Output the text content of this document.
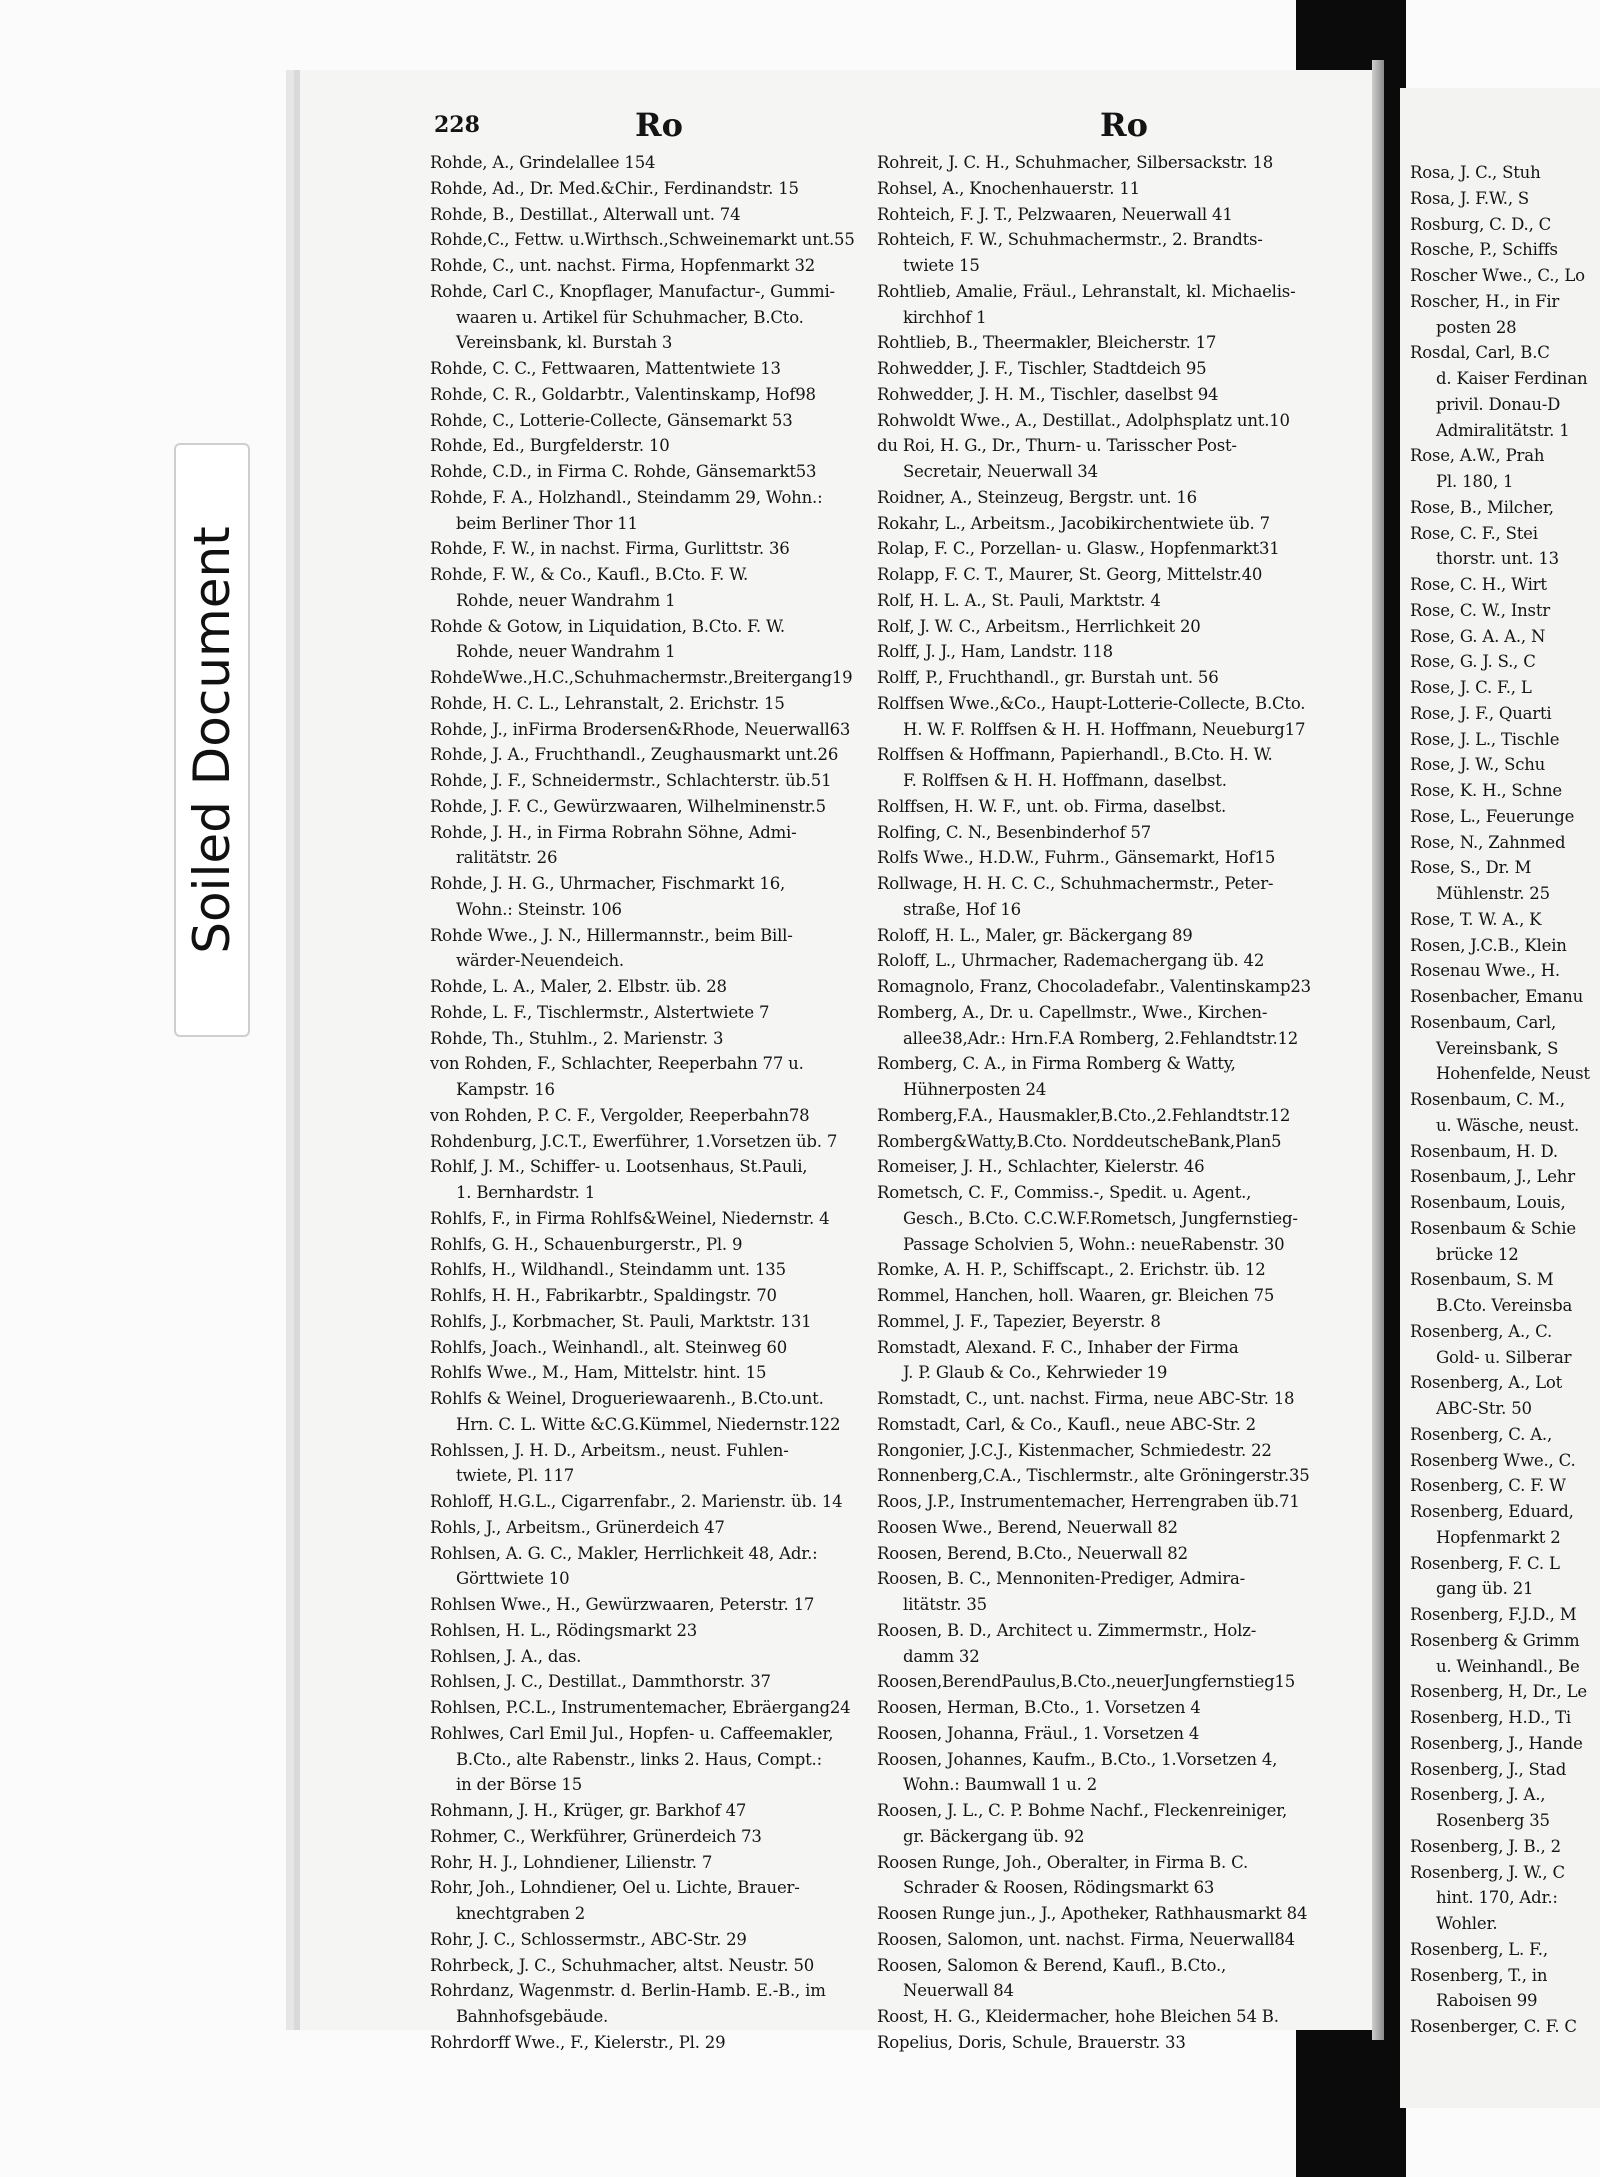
228	Ro	Ro
Rohde, A., Grindelallee 154
Rohde, Ad., Dr. Med.&Chir., Ferdinandstr. 15
Rohde, B., Destillat., Alterwall unt. 74
Rohde,C., Fettw. u.Wirthsch.,Schweinemarkt unt.55
Rohde, C., unt. nachst. Firma, Hopfenmarkt 32
Rohde, Carl C., Knopflager, Manufactur-, Gummi-
waaren u. Artikel für Schuhmacher, B.Cto.
Vereinsbank, kl. Burstah 3
Rohde, C. C., Fettwaaren, Mattentwiete 13
Rohde, C. R., Goldarbtr., Valentinskamp, Hof98
Rohde, C., Lotterie-Collecte, Gänsemarkt 53
Rohde, Ed., Burgfelderstr. 10
Rohde, C.D., in Firma C. Rohde, Gänsemarkt53
Rohde, F. A., Holzhandl., Steindamm 29, Wohn.:
beim Berliner Thor 11
Rohde, F. W., in nachst. Firma, Gurlittstr. 36
Rohde, F. W., & Co., Kaufl., B.Cto. F. W.
Rohde, neuer Wandrahm 1
Rohde & Gotow, in Liquidation, B.Cto. F. W.
Rohde, neuer Wandrahm 1
RohdeWwe.,H.C.,Schuhmachermstr.,Breitergang19
Rohde, H. C. L., Lehranstalt, 2. Erichstr. 15
Rohde, J., inFirma Brodersen&Rhode, Neuerwall63
Rohde, J. A., Fruchthandl., Zeughausmarkt unt.26
Rohde, J. F., Schneidermstr., Schlachterstr. üb.51
Rohde, J. F. C., Gewürzwaaren, Wilhelminenstr.5
Rohde, J. H., in Firma Robrahn Söhne, Admi-
ralitätstr. 26
Rohde, J. H. G., Uhrmacher, Fischmarkt 16,
Wohn.: Steinstr. 106
Rohde Wwe., J. N., Hillermannstr., beim Bill-
wärder-Neuendeich.
Rohde, L. A., Maler, 2. Elbstr. üb. 28
Rohde, L. F., Tischlermstr., Alstertwiete 7
Rohde, Th., Stuhlm., 2. Marienstr. 3
von Rohden, F., Schlachter, Reeperbahn 77 u.
Kampstr. 16
von Rohden, P. C. F., Vergolder, Reeperbahn78
Rohdenburg, J.C.T., Ewerführer, 1.Vorsetzen üb. 7
Rohlf, J. M., Schiffer- u. Lootsenhaus, St.Pauli,
1. Bernhardstr. 1
Rohlfs, F., in Firma Rohlfs&Weinel, Niedernstr. 4
Rohlfs, G. H., Schauenburgerstr., Pl. 9
Rohlfs, H., Wildhandl., Steindamm unt. 135
Rohlfs, H. H., Fabrikarbtr., Spaldingstr. 70
Rohlfs, J., Korbmacher, St. Pauli, Marktstr. 131
Rohlfs, Joach., Weinhandl., alt. Steinweg 60
Rohlfs Wwe., M., Ham, Mittelstr. hint. 15
Rohlfs & Weinel, Drogueriewaarenh., B.Cto.unt.
Hrn. C. L. Witte &C.G.Kümmel, Niedernstr.122
Rohlssen, J. H. D., Arbeitsm., neust. Fuhlen-
twiete, Pl. 117
Rohloff, H.G.L., Cigarrenfabr., 2. Marienstr. üb. 14
Rohls, J., Arbeitsm., Grünerdeich 47
Rohlsen, A. G. C., Makler, Herrlichkeit 48, Adr.:
Görttwiete 10
Rohlsen Wwe., H., Gewürzwaaren, Peterstr. 17
Rohlsen, H. L., Rödingsmarkt 23
Rohlsen, J. A., das.
Rohlsen, J. C., Destillat., Dammthorstr. 37
Rohlsen, P.C.L., Instrumentemacher, Ebräergang24
Rohlwes, Carl Emil Jul., Hopfen- u. Caffeemakler,
B.Cto., alte Rabenstr., links 2. Haus, Compt.:
in der Börse 15
Rohmann, J. H., Krüger, gr. Barkhof 47
Rohmer, C., Werkführer, Grünerdeich 73
Rohr, H. J., Lohndiener, Lilienstr. 7
Rohr, Joh., Lohndiener, Oel u. Lichte, Brauer-
knechtgraben 2
Rohr, J. C., Schlossermstr., ABC-Str. 29
Rohrbeck, J. C., Schuhmacher, altst. Neustr. 50
Rohrdanz, Wagenmstr. d. Berlin-Hamb. E.-B., im
Bahnhofsgebäude.
Rohrdorff Wwe., F., Kielerstr., Pl. 29
Rohreit, J. C. H., Schuhmacher, Silbersackstr. 18
Rohsel, A., Knochenhauerstr. 11
Rohteich, F. J. T., Pelzwaaren, Neuerwall 41
Rohteich, F. W., Schuhmachermstr., 2. Brandts-
twiete 15
Rohtlieb, Amalie, Fräul., Lehranstalt, kl. Michaelis-
kirchhof 1
Rohtlieb, B., Theermakler, Bleicherstr. 17
Rohwedder, J. F., Tischler, Stadtdeich 95
Rohwedder, J. H. M., Tischler, daselbst 94
Rohwoldt Wwe., A., Destillat., Adolphsplatz unt.10
du Roi, H. G., Dr., Thurn- u. Tarisscher Post-
Secretair, Neuerwall 34
Roidner, A., Steinzeug, Bergstr. unt. 16
Rokahr, L., Arbeitsm., Jacobikirchentwiete üb. 7
Rolap, F. C., Porzellan- u. Glasw., Hopfenmarkt31
Rolapp, F. C. T., Maurer, St. Georg, Mittelstr.40
Rolf, H. L. A., St. Pauli, Marktstr. 4
Rolf, J. W. C., Arbeitsm., Herrlichkeit 20
Rolff, J. J., Ham, Landstr. 118
Rolff, P., Fruchthandl., gr. Burstah unt. 56
Rolffsen Wwe.,&Co., Haupt-Lotterie-Collecte, B.Cto.
H. W. F. Rolffsen & H. H. Hoffmann, Neueburg17
Rolffsen & Hoffmann, Papierhandl., B.Cto. H. W.
F. Rolffsen & H. H. Hoffmann, daselbst.
Rolffsen, H. W. F., unt. ob. Firma, daselbst.
Rolfing, C. N., Besenbinderhof 57
Rolfs Wwe., H.D.W., Fuhrm., Gänsemarkt, Hof15
Rollwage, H. H. C. C., Schuhmachermstr., Peter-
straße, Hof 16
Roloff, H. L., Maler, gr. Bäckergang 89
Roloff, L., Uhrmacher, Rademachergang üb. 42
Romagnolo, Franz, Chocoladefabr., Valentinskamp23
Romberg, A., Dr. u. Capellmstr., Wwe., Kirchen-
allee38,Adr.: Hrn.F.A Romberg, 2.Fehlandtstr.12
Romberg, C. A., in Firma Romberg & Watty,
Hühnerposten 24
Romberg,F.A., Hausmakler,B.Cto.,2.Fehlandtstr.12
Romberg&Watty,B.Cto. NorddeutscheBank,Plan5
Romeiser, J. H., Schlachter, Kielerstr. 46
Rometsch, C. F., Commiss.-, Spedit. u. Agent.,
Gesch., B.Cto. C.C.W.F.Rometsch, Jungfernstieg-
Passage Scholvien 5, Wohn.: neueRabenstr. 30
Romke, A. H. P., Schiffscapt., 2. Erichstr. üb. 12
Rommel, Hanchen, holl. Waaren, gr. Bleichen 75
Rommel, J. F., Tapezier, Beyerstr. 8
Romstadt, Alexand. F. C., Inhaber der Firma
J. P. Glaub & Co., Kehrwieder 19
Romstadt, C., unt. nachst. Firma, neue ABC-Str. 18
Romstadt, Carl, & Co., Kaufl., neue ABC-Str. 2
Rongonier, J.C.J., Kistenmacher, Schmiedestr. 22
Ronnenberg,C.A., Tischlermstr., alte Gröningerstr.35
Roos, J.P., Instrumentemacher, Herrengraben üb.71
Roosen Wwe., Berend, Neuerwall 82
Roosen, Berend, B.Cto., Neuerwall 82
Roosen, B. C., Mennoniten-Prediger, Admira-
litätstr. 35
Roosen, B. D., Architect u. Zimmermstr., Holz-
damm 32
Roosen,BerendPaulus,B.Cto.,neuerJungfernstieg15
Roosen, Herman, B.Cto., 1. Vorsetzen 4
Roosen, Johanna, Fräul., 1. Vorsetzen 4
Roosen, Johannes, Kaufm., B.Cto., 1.Vorsetzen 4,
Wohn.: Baumwall 1 u. 2
Roosen, J. L., C. P. Bohme Nachf., Fleckenreiniger,
gr. Bäckergang üb. 92
Roosen Runge, Joh., Oberalter, in Firma B. C.
Schrader & Roosen, Rödingsmarkt 63
Roosen Runge jun., J., Apotheker, Rathhausmarkt 84
Roosen, Salomon, unt. nachst. Firma, Neuerwall84
Roosen, Salomon & Berend, Kaufl., B.Cto.,
Neuerwall 84
Roost, H. G., Kleidermacher, hohe Bleichen 54 B.
Ropelius, Doris, Schule, Brauerstr. 33
Rosa, J. C., Stuh
Rosa, J. F.W., S
Rosburg, C. D., C
Rosche, P., Schiffs
Roscher Wwe., C., Lo
Roscher, H., in Fir
posten 28
Rosdal, Carl, B.C
d. Kaiser Ferdinan
privil. Donau-D
Admiralitätstr. 1
Rose, A.W., Prah
Pl. 180, 1
Rose, B., Milcher,
Rose, C. F., Stei
thorstr. unt. 13
Rose, C. H., Wirt
Rose, C. W., Instr
Rose, G. A. A., N
Rose, G. J. S., C
Rose, J. C. F., L
Rose, J. F., Quarti
Rose, J. L., Tischle
Rose, J. W., Schu
Rose, K. H., Schne
Rose, L., Feuerunge
Rose, N., Zahnmed
Rose, S., Dr. M
Mühlenstr. 25
Rose, T. W. A., K
Rosen, J.C.B., Klein
Rosenau Wwe., H.
Rosenbacher, Emanu
Rosenbaum, Carl,
Vereinsbank, S
Hohenfelde, Neust
Rosenbaum, C. M.,
u. Wäsche, neust.
Rosenbaum, H. D.
Rosenbaum, J., Lehr
Rosenbaum, Louis,
Rosenbaum & Schie
brücke 12
Rosenbaum, S. M
B.Cto. Vereinsba
Rosenberg, A., C.
Gold- u. Silberar
Rosenberg, A., Lot
ABC-Str. 50
Rosenberg, C. A.,
Rosenberg Wwe., C.
Rosenberg, C. F. W
Rosenberg, Eduard,
Hopfenmarkt 2
Rosenberg, F. C. L
gang üb. 21
Rosenberg, F.J.D., M
Rosenberg & Grimm
u. Weinhandl., Be
Rosenberg, H, Dr., Le
Rosenberg, H.D., Ti
Rosenberg, J., Hande
Rosenberg, J., Stad
Rosenberg, J. A.,
Rosenberg 35
Rosenberg, J. B., 2
Rosenberg, J. W., C
hint. 170, Adr.:
Wohler.
Rosenberg, L. F.,
Rosenberg, T., in
Raboisen 99
Rosenberger, C. F. C
Soiled Document
